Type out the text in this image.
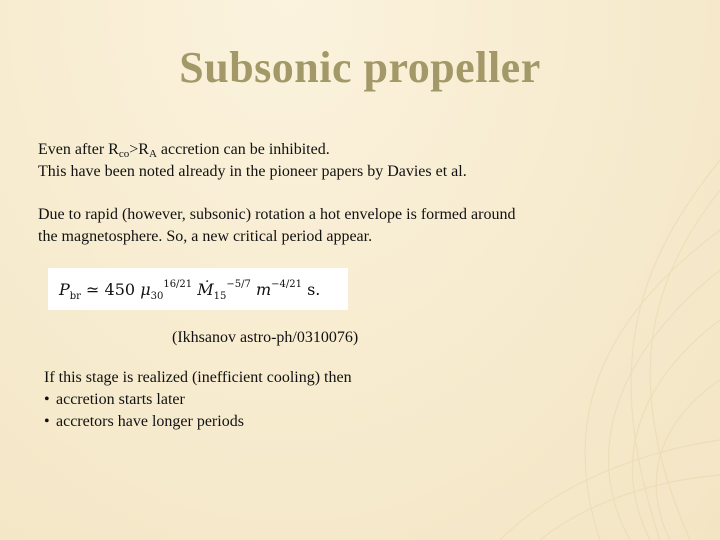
Subsonic propeller
Even after $R_{co}>R_A$ accretion can be inhibited.
This have been noted already in the pioneer papers by Davies et al.
Due to rapid (however, subsonic) rotation a hot envelope is formed around
the magnetosphere. So, a new critical period appear.
$P_{br}$ ≃ 450 $\mu_{30}^{16/21}$ Ṁ$_{15}^{-5/7}$ $m^{-4/21}$ s.
(Ikhsanov astro-ph/0310076)
If this stage is realized (inefficient cooling) then
• accretion starts later
• accretors have longer periods
